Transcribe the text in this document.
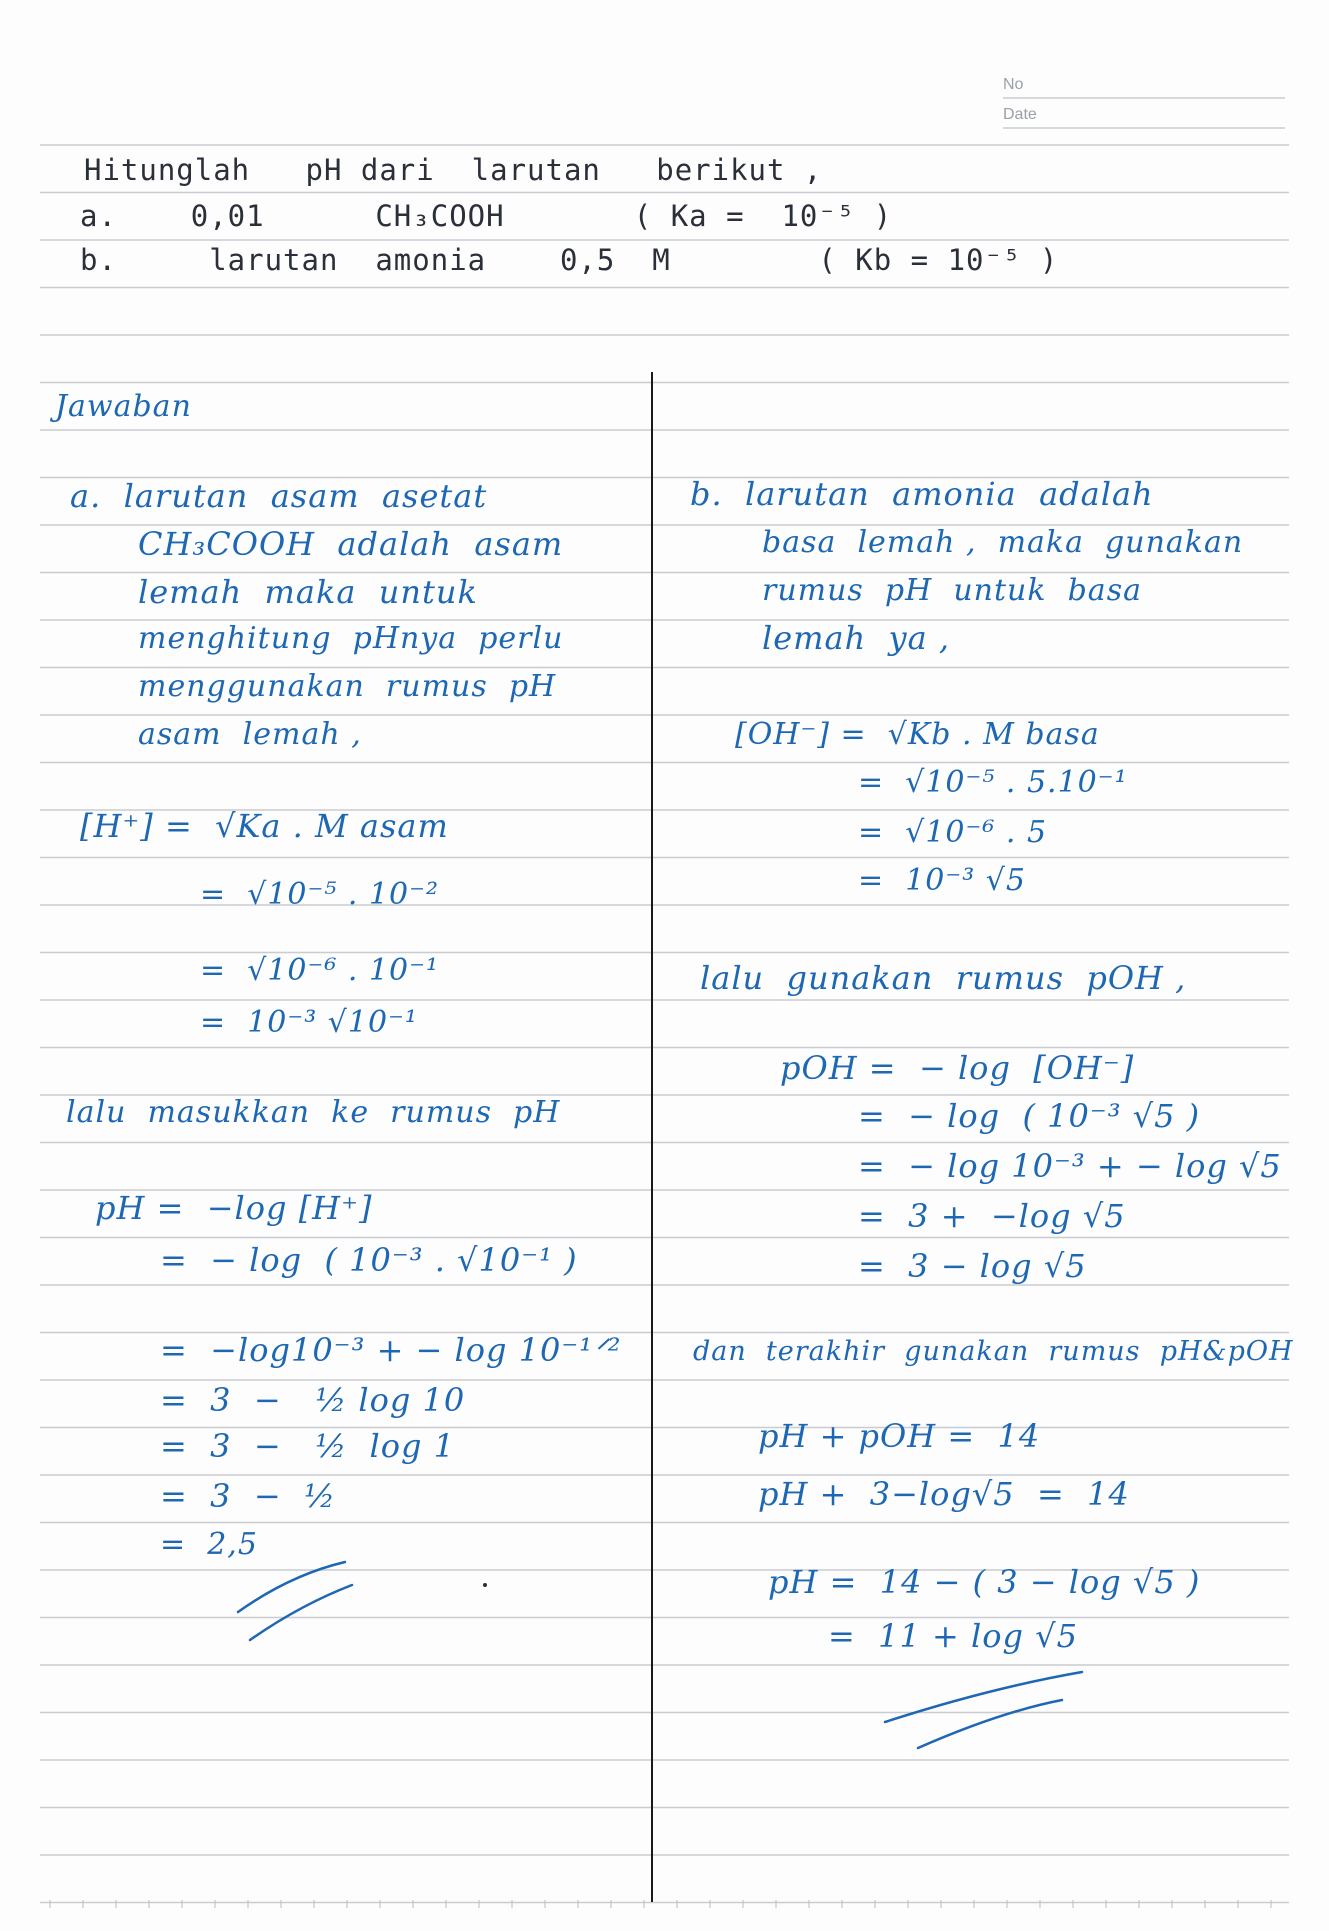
No
Date
Hitunglah   pH dari  larutan   berikut ,
a.    0,01      CH₃COOH       ( Ka =  10⁻⁵ )
b.     larutan  amonia    0,5  M        ( Kb = 10⁻⁵ )
Jawaban
a.  larutan  asam  asetat
CH₃COOH  adalah  asam
lemah  maka  untuk
menghitung  pHnya  perlu
menggunakan  rumus  pH
asam  lemah ,
[H⁺] =  √Ka . M asam
=  √10⁻⁵ . 10⁻²
=  √10⁻⁶ . 10⁻¹
=  10⁻³ √10⁻¹
lalu  masukkan  ke  rumus  pH
pH =  −log [H⁺]
=  − log  ( 10⁻³ . √10⁻¹ )
=  −log10⁻³ + − log 10⁻¹ᐟ²
=  3  −   ½ log 10
=  3  −   ½  log 1
=  3  −  ½
=  2,5
b.  larutan  amonia  adalah
basa  lemah ,  maka  gunakan
rumus  pH  untuk  basa
lemah  ya ,
[OH⁻] =  √Kb . M basa
=  √10⁻⁵ . 5.10⁻¹
=  √10⁻⁶ . 5
=  10⁻³ √5
lalu  gunakan  rumus  pOH ,
pOH =  − log  [OH⁻]
=  − log  ( 10⁻³ √5 )
=  − log 10⁻³ + − log √5
=  3 +  −log √5
=  3 − log √5
dan  terakhir  gunakan  rumus  pH&pOH
pH + pOH =  14
pH +  3−log√5  =  14
pH =  14 − ( 3 − log √5 )
=  11 + log √5
